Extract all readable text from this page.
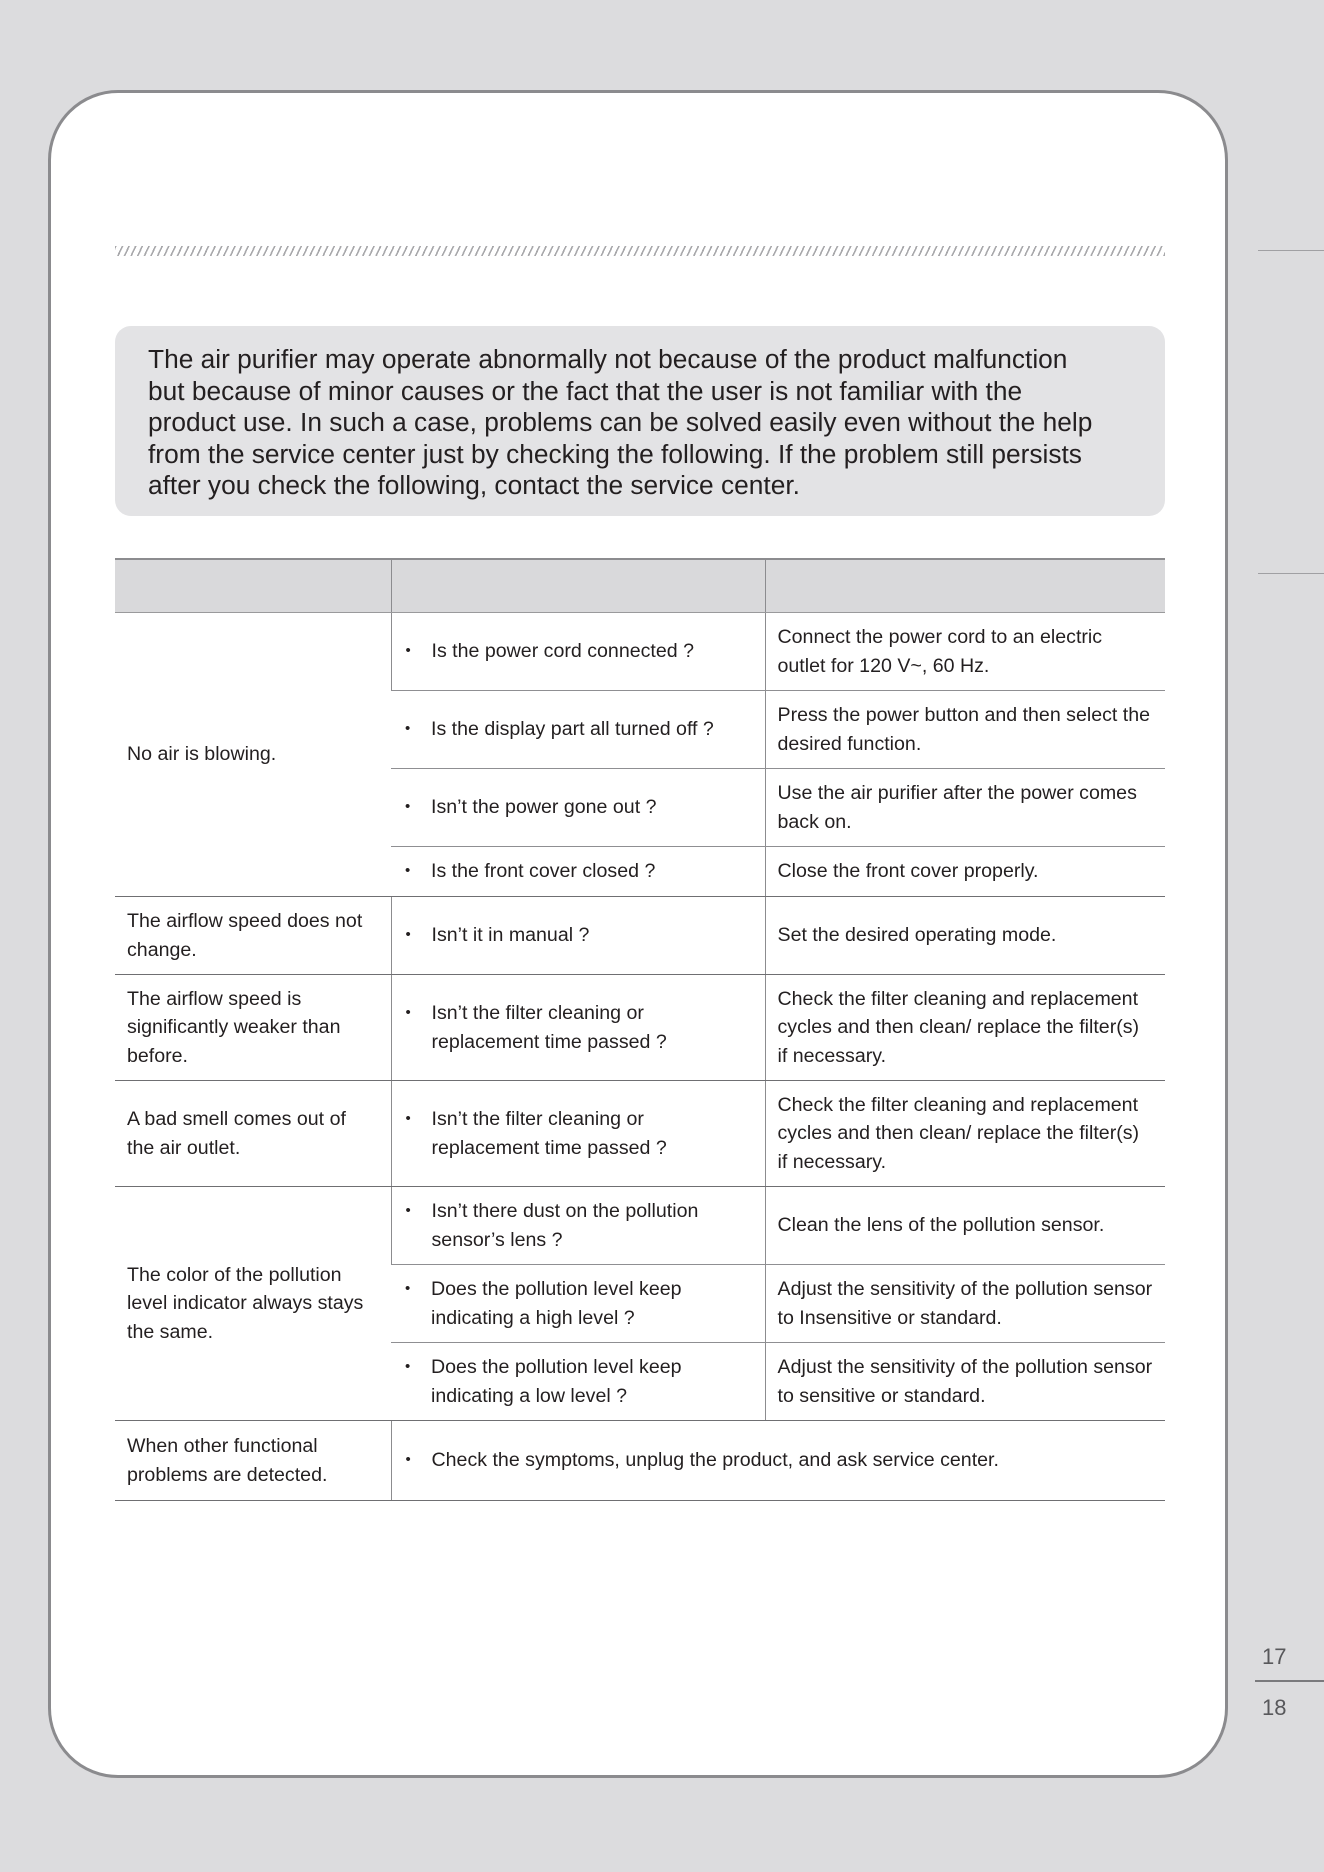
The air purifier may operate abnormally not because of the product malfunction
but because of minor causes or the fact that the user is not familiar with the
product use. In such a case, problems can be solved easily even without the help
from the service center just by checking the following. If the problem still persists
after you check the following, contact the service center.

No air is blowing.	• Is the power cord connected ?	Connect the power cord to an electric outlet for 120 V~, 60 Hz.

	• Is the display part all turned off ?	Press the power button and then select the desired function.

	• Isn’t the power gone out ?	Use the air purifier after the power comes back on.

	• Is the front cover closed ?	Close the front cover properly.
The airflow speed does not change.	• Isn’t it in manual ?	Set the desired operating mode.
The airflow speed is significantly weaker than before.	• Isn’t the filter cleaning or replacement time passed ?	Check the filter cleaning and replacement cycles and then clean/ replace the filter(s) if necessary.
A bad smell comes out of the air outlet.	• Isn’t the filter cleaning or replacement time passed ?	Check the filter cleaning and replacement cycles and then clean/ replace the filter(s) if necessary.
The color of the pollution level indicator always stays the same.	• Isn’t there dust on the pollution sensor’s lens ?	Clean the lens of the pollution sensor.

	• Does the pollution level keep indicating a high level ?	Adjust the sensitivity of the pollution sensor to Insensitive or standard.

	• Does the pollution level keep indicating a low level ?	Adjust the sensitivity of the pollution sensor to sensitive or standard.
When other functional problems are detected.	• Check the symptoms, unplug the product, and ask service center.	
17
18
